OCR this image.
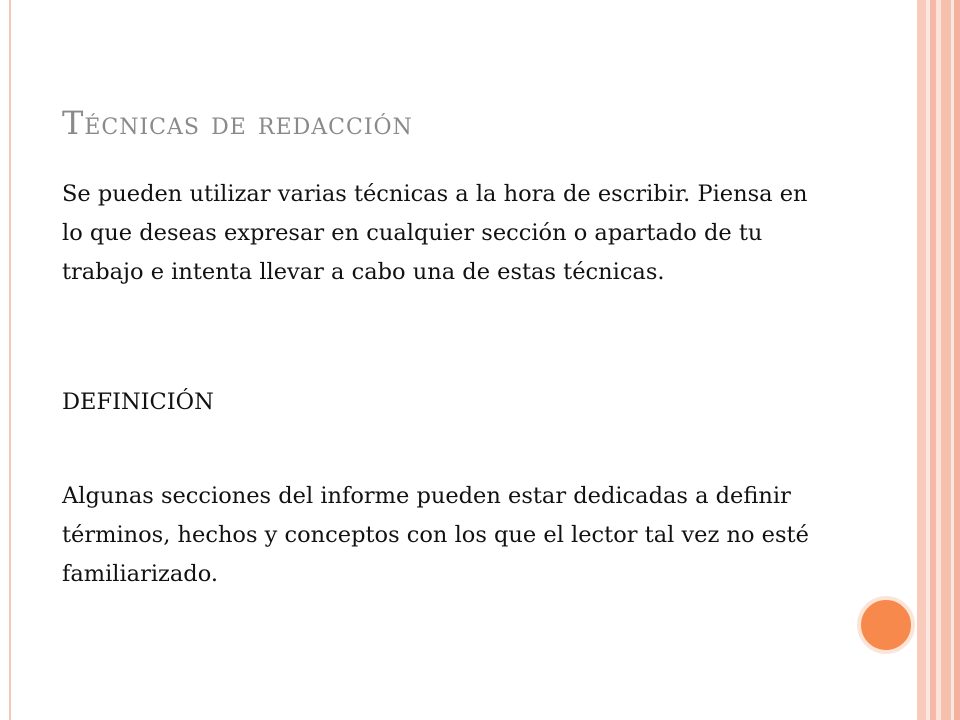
Técnicas de redacción

Se pueden utilizar varias técnicas a la hora de escribir. Piensa en lo que deseas expresar en cualquier sección o apartado de tu trabajo e intenta llevar a cabo una de estas técnicas.

DEFINICIÓN

Algunas secciones del informe pueden estar dedicadas a definir términos, hechos y conceptos con los que el lector tal vez no esté familiarizado.
